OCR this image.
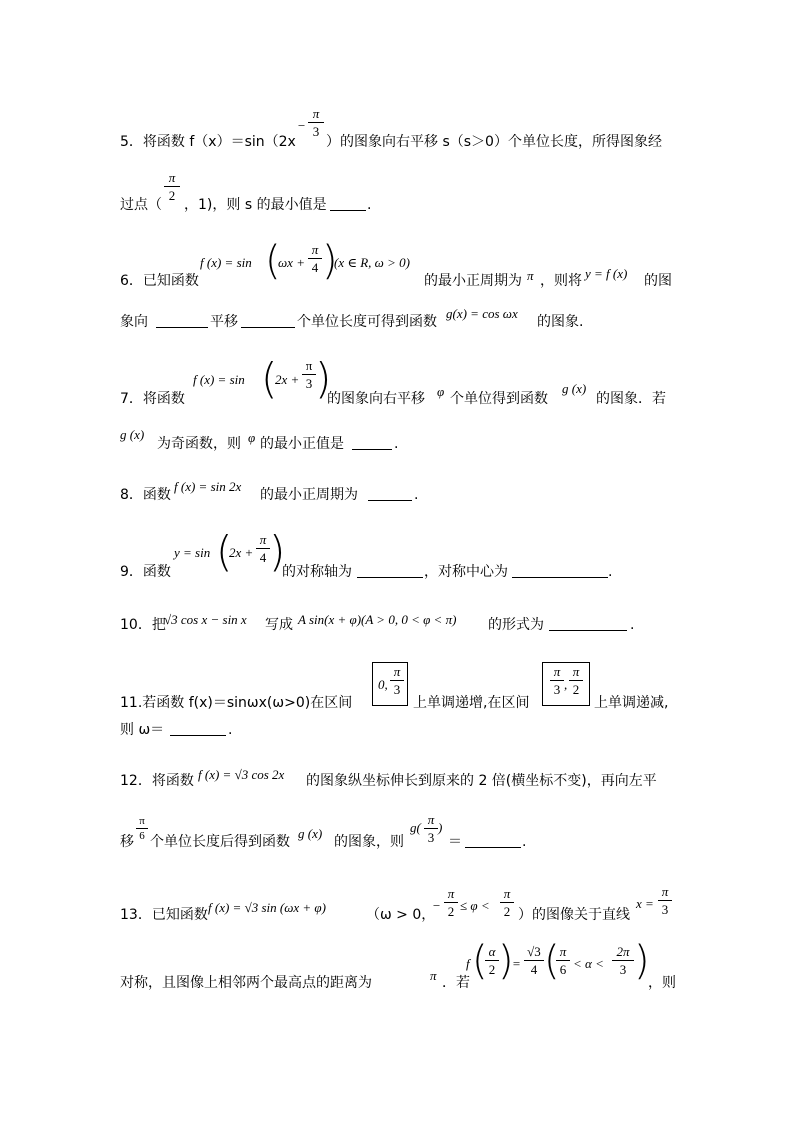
5．将函数 f（x）＝sin（2x
−
π
3
）的图象向右平移 s（s＞0）个单位长度，所得图象经
过点（
π
2
，1)，则 s 的最小值是	.
6．已知函数
f (x) = sin (
ωx +
π
4 )
(x ∈ R, ω > 0)
的最小正周期为 π ，则将 y = f (x) 的图
象向	平移	个单位长度可得到函数
g(x) = cos ωx
的图象.
7．将函数
f (x) = sin (
2x +
π
3 )
的图象向右平移 φ 个单位得到函数
g (x)
的图象．若
g (x)
为奇函数，则 φ 的最小正值是	.
8．函数
f (x) = sin 2x
的最小正周期为	.
9．函数
y = sin (
2x +
π
4 )
的对称轴为	，对称中心为	.
10．把
√3 cos x − sin x 写成 A sin(x + φ)(A > 0, 0 < φ < π) 的形式为	.
11.若函数 f(x)＝sinωx(ω>0)在区间
0,
π
3
上单调递增,在区间
π
3 ,
π
2
上单调递减,
则 ω＝	.
12．将函数 f (x) = √3 cos 2x 的图象纵坐标伸长到原来的 2 倍(横坐标不变)，再向左平
移
π
6 个单位长度后得到函数
g (x)
的图象，则
g(
π
3
)
＝	.
13．已知函数 f (x) = √3 sin (ωx + φ)	（ω > 0，
−
π
2 ≤ φ <
π
2 ）的图像关于直线
x =
π
3
对称，且图像上相邻两个最高点的距离为	π ．若
f ( α
2 )
=
√3
4 ( π
6 < α <
2π
3 )
，则
